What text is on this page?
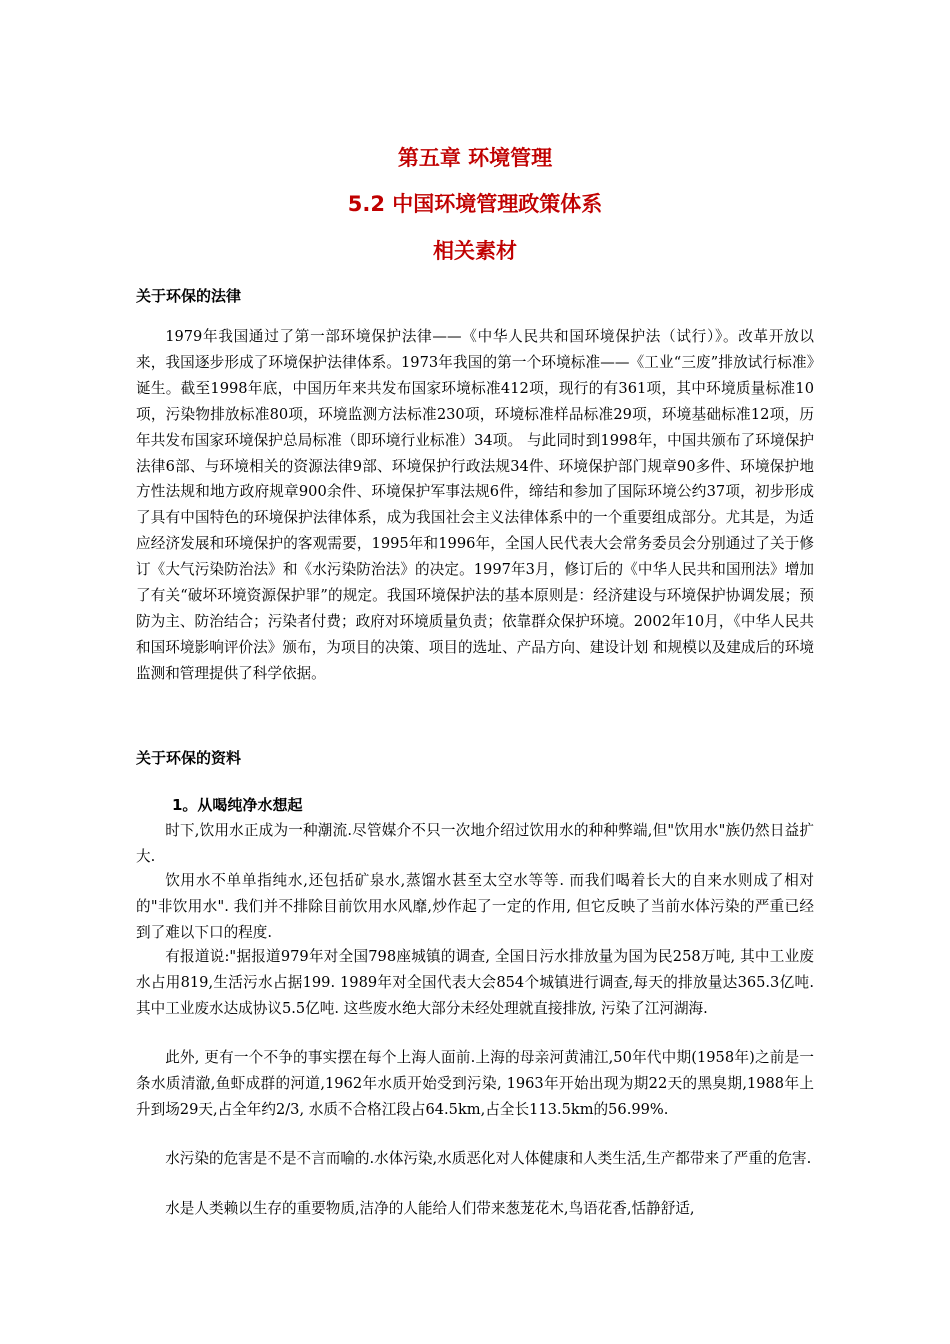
第五章 环境管理
5.2 中国环境管理政策体系
相关素材
关于环保的法律

1979年我国通过了第一部环境保护法律——《中华人民共和国环境保护法（试行）》。改革开放以来，我国逐步形成了环境保护法律体系。1973年我国的第一个环境标准——《工业“三废”排放试行标准》诞生。截至1998年底，中国历年来共发布国家环境标准412项，现行的有361项，其中环境质量标准10项，污染物排放标准80项，环境监测方法标准230项，环境标准样品标准29项，环境基础标准12项，历年共发布国家环境保护总局标准（即环境行业标准）34项。 与此同时到1998年，中国共颁布了环境保护法律6部、与环境相关的资源法律9部、环境保护行政法规34件、环境保护部门规章90多件、环境保护地方性法规和地方政府规章900余件、环境保护军事法规6件，缔结和参加了国际环境公约37项，初步形成了具有中国特色的环境保护法律体系，成为我国社会主义法律体系中的一个重要组成部分。尤其是，为适应经济发展和环境保护的客观需要，1995年和1996年，全国人民代表大会常务委员会分别通过了关于修订《大气污染防治法》和《水污染防治法》的决定。1997年3月，修订后的《中华人民共和国刑法》增加了有关“破坏环境资源保护罪”的规定。我国环境保护法的基本原则是：经济建设与环境保护协调发展；预防为主、防治结合；污染者付费；政府对环境质量负责；依靠群众保护环境。2002年10月，《中华人民共和国环境影响评价法》颁布，为项目的决策、项目的选址、产品方向、建设计划 和规模以及建成后的环境监测和管理提供了科学依据。

关于环保的资料
1。从喝纯净水想起

时下,饮用水正成为一种潮流.尽管媒介不只一次地介绍过饮用水的种种弊端,但"饮用水"族仍然日益扩大.

饮用水不单单指纯水,还包括矿泉水,蒸馏水甚至太空水等等. 而我们喝着长大的自来水则成了相对的"非饮用水". 我们并不排除目前饮用水风靡,炒作起了一定的作用, 但它反映了当前水体污染的严重已经到了难以下口的程度.

有报道说:"据报道979年对全国798座城镇的调查, 全国日污水排放量为国为民258万吨, 其中工业废水占用819,生活污水占据199. 1989年对全国代表大会854个城镇进行调查,每天的排放量达365.3亿吨.其中工业废水达成协议5.5亿吨. 这些废水绝大部分未经处理就直接排放, 污染了江河湖海.

此外, 更有一个不争的事实摆在每个上海人面前.上海的母亲河黄浦江,50年代中期(1958年)之前是一条水质清澈,鱼虾成群的河道,1962年水质开始受到污染, 1963年开始出现为期22天的黑臭期,1988年上升到场29天,占全年约2/3, 水质不合格江段占64.5km,占全长113.5km的56.99%.

水污染的危害是不是不言而喻的.水体污染,水质恶化对人体健康和人类生活,生产都带来了严重的危害.

水是人类赖以生存的重要物质,洁净的人能给人们带来葱茏花木,鸟语花香,恬静舒适,
